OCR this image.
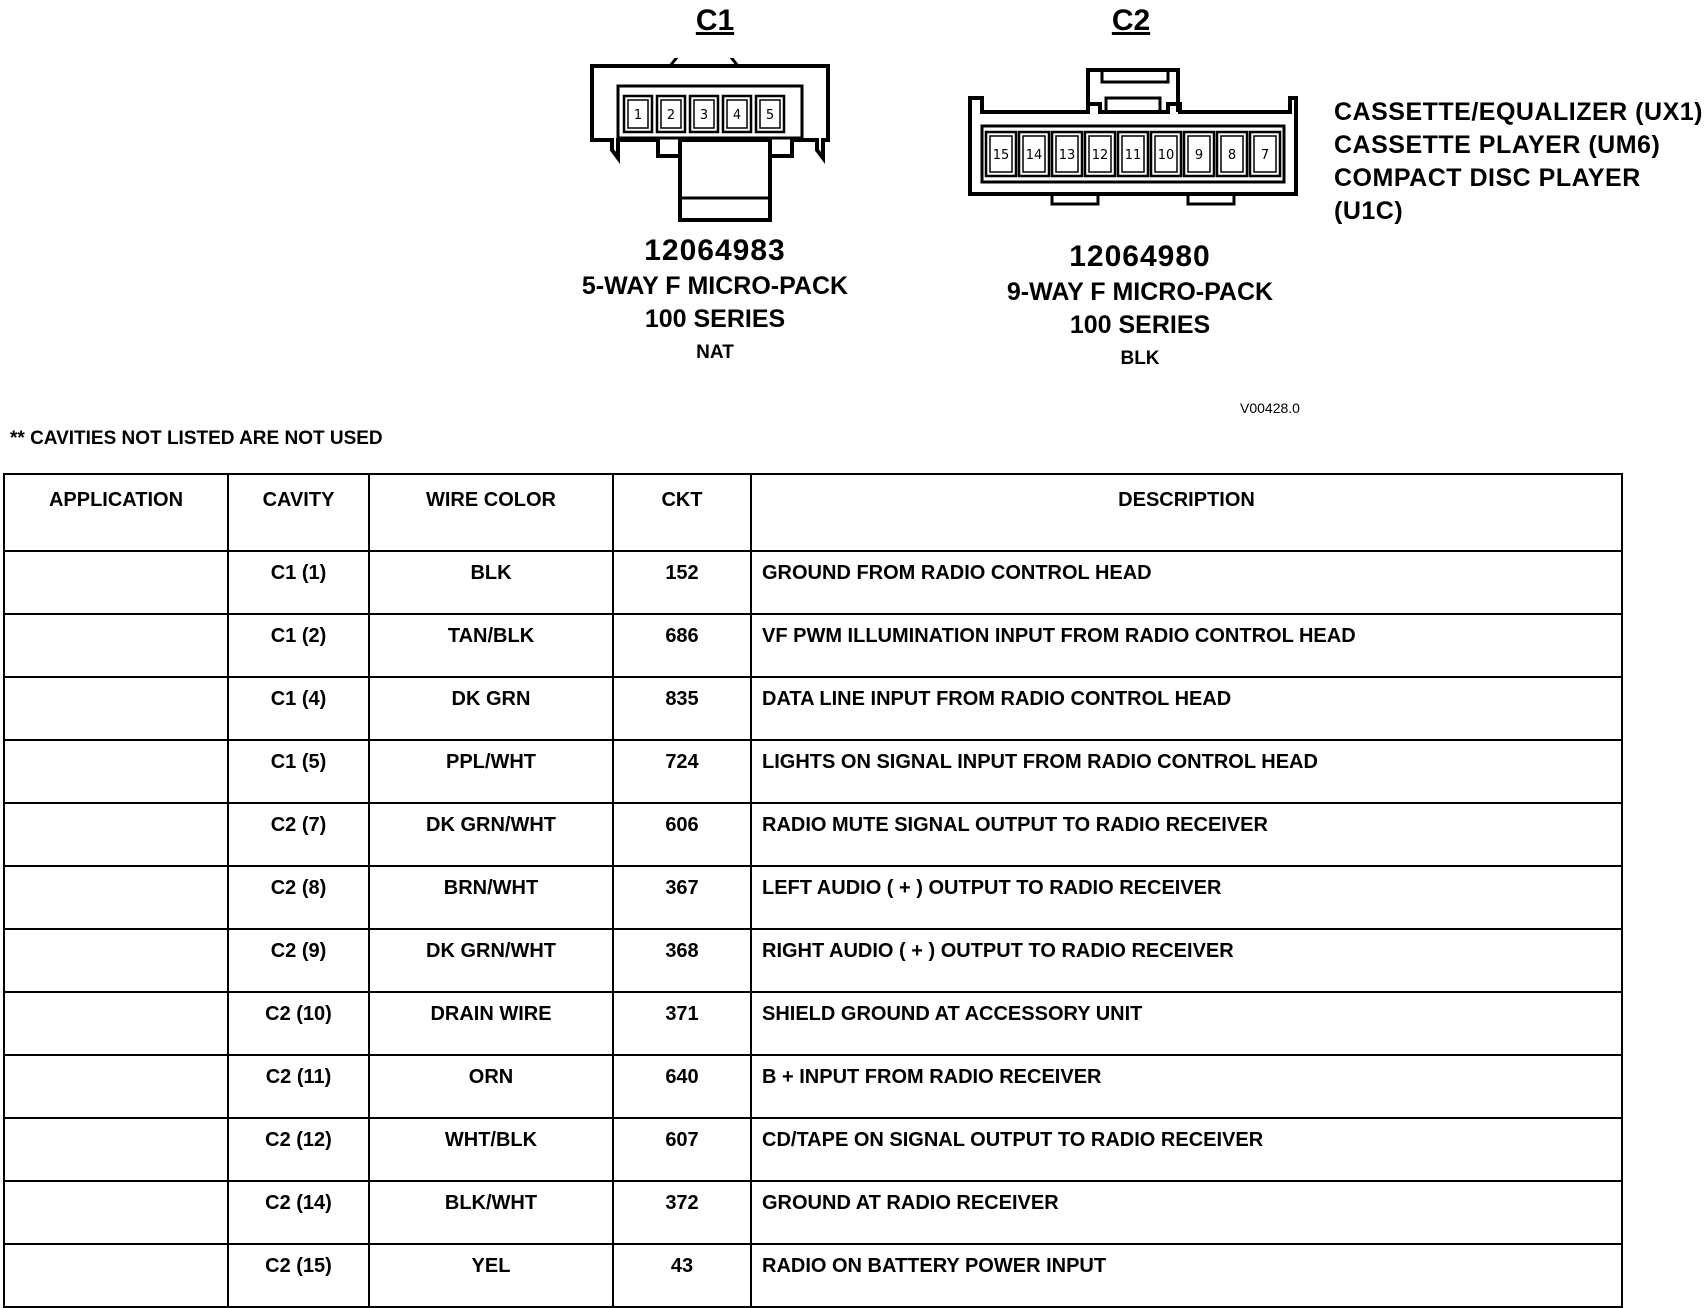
C1
1 2 3 4 5
12064983
5-WAY F MICRO-PACK
100 SERIES
NAT
C2
15 14 13 12 11 10 9 8 7
12064980
9-WAY F MICRO-PACK
100 SERIES
BLK
CASSETTE/EQUALIZER (UX1)
CASSETTE PLAYER (UM6)
COMPACT DISC PLAYER (U1C)
V00428.0
** CAVITIES NOT LISTED ARE NOT USED
APPLICATION	CAVITY	WIRE COLOR	CKT	DESCRIPTION
	C1 (1)	BLK	152	GROUND FROM RADIO CONTROL HEAD
	C1 (2)	TAN/BLK	686	VF PWM ILLUMINATION INPUT FROM RADIO CONTROL HEAD
	C1 (4)	DK GRN	835	DATA LINE INPUT FROM RADIO CONTROL HEAD
	C1 (5)	PPL/WHT	724	LIGHTS ON SIGNAL INPUT FROM RADIO CONTROL HEAD
	C2 (7)	DK GRN/WHT	606	RADIO MUTE SIGNAL OUTPUT TO RADIO RECEIVER
	C2 (8)	BRN/WHT	367	LEFT AUDIO ( + ) OUTPUT TO RADIO RECEIVER
	C2 (9)	DK GRN/WHT	368	RIGHT AUDIO ( + ) OUTPUT TO RADIO RECEIVER
	C2 (10)	DRAIN WIRE	371	SHIELD GROUND AT ACCESSORY UNIT
	C2 (11)	ORN	640	B + INPUT FROM RADIO RECEIVER
	C2 (12)	WHT/BLK	607	CD/TAPE ON SIGNAL OUTPUT TO RADIO RECEIVER
	C2 (14)	BLK/WHT	372	GROUND AT RADIO RECEIVER
	C2 (15)	YEL	43	RADIO ON BATTERY POWER INPUT
